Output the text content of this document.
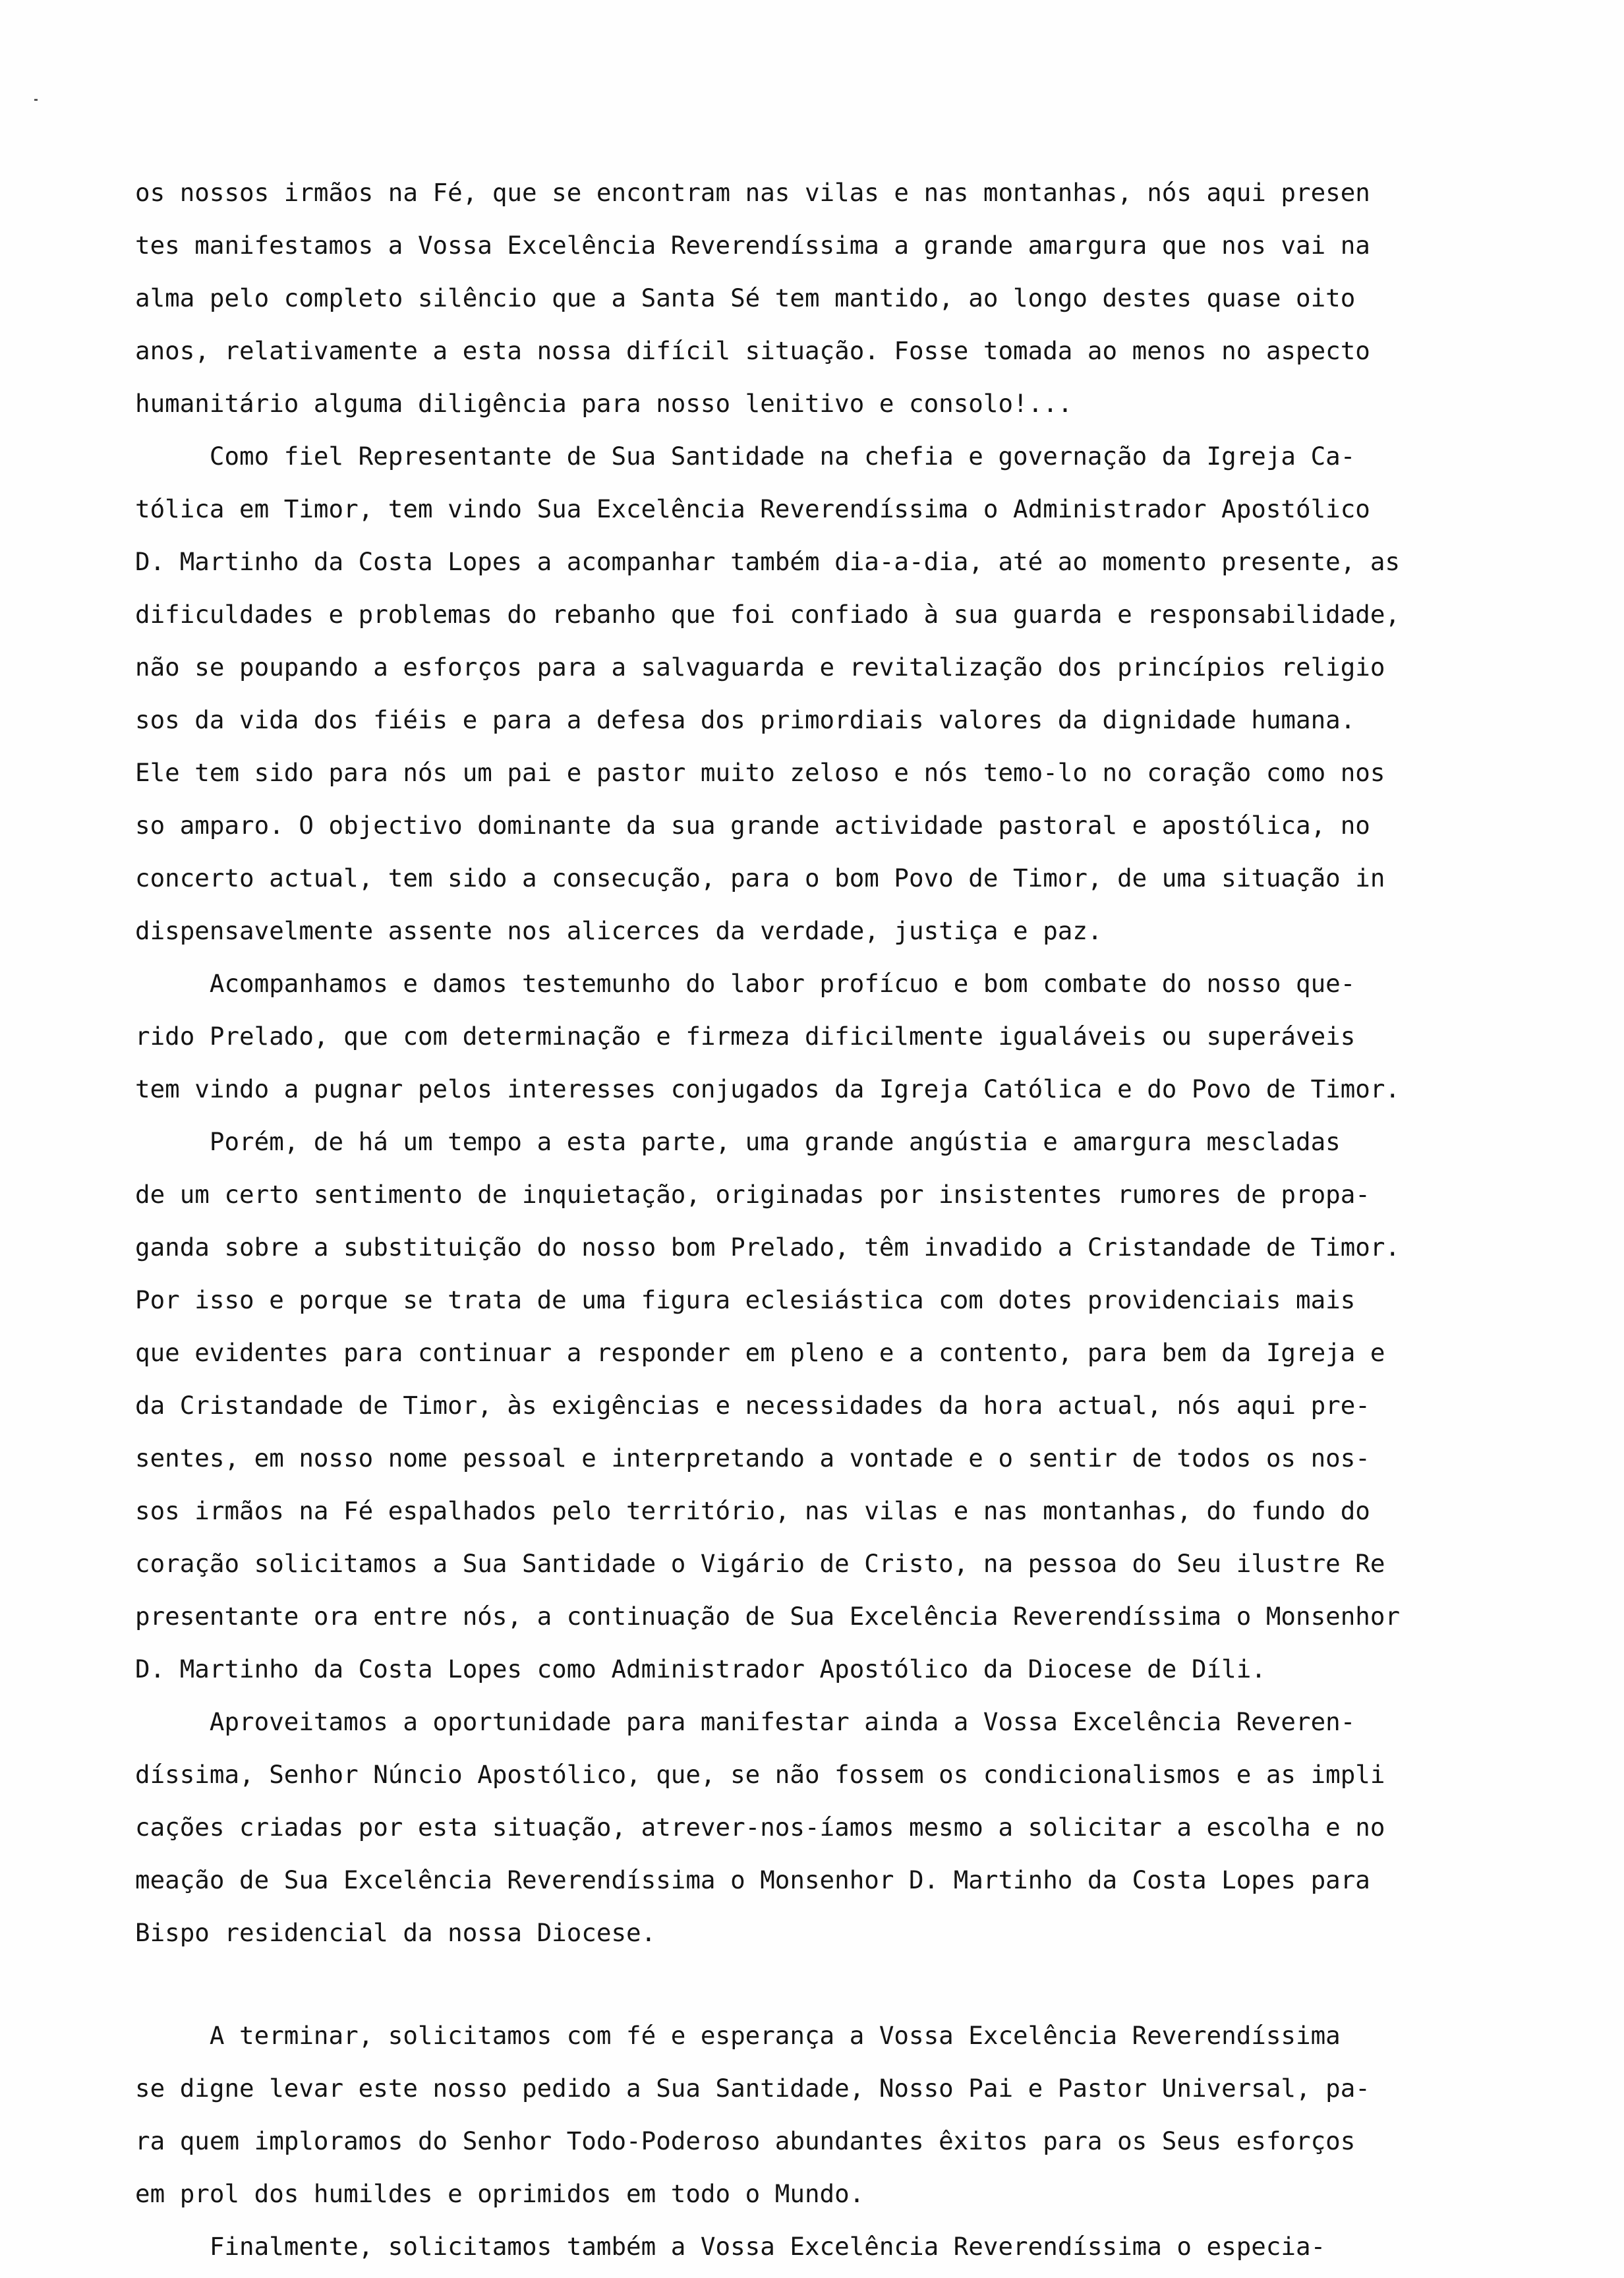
os nossos irmãos na Fé, que se encontram nas vilas e nas montanhas, nós aqui presen
tes manifestamos a Vossa Excelência Reverendíssima a grande amargura que nos vai na
alma pelo completo silêncio que a Santa Sé tem mantido, ao longo destes quase oito
anos, relativamente a esta nossa difícil situação. Fosse tomada ao menos no aspecto
humanitário alguma diligência para nosso lenitivo e consolo!...
Como fiel Representante de Sua Santidade na chefia e governação da Igreja Ca-
tólica em Timor, tem vindo Sua Excelência Reverendíssima o Administrador Apostólico
D. Martinho da Costa Lopes a acompanhar também dia-a-dia, até ao momento presente, as
dificuldades e problemas do rebanho que foi confiado à sua guarda e responsabilidade,
não se poupando a esforços para a salvaguarda e revitalização dos princípios religio
sos da vida dos fiéis e para a defesa dos primordiais valores da dignidade humana.
Ele tem sido para nós um pai e pastor muito zeloso e nós temo-lo no coração como nos
so amparo. O objectivo dominante da sua grande actividade pastoral e apostólica, no
concerto actual, tem sido a consecução, para o bom Povo de Timor, de uma situação in
dispensavelmente assente nos alicerces da verdade, justiça e paz.
Acompanhamos e damos testemunho do labor profícuo e bom combate do nosso que-
rido Prelado, que com determinação e firmeza dificilmente igualáveis ou superáveis
tem vindo a pugnar pelos interesses conjugados da Igreja Católica e do Povo de Timor.
Porém, de há um tempo a esta parte, uma grande angústia e amargura mescladas
de um certo sentimento de inquietação, originadas por insistentes rumores de propa-
ganda sobre a substituição do nosso bom Prelado, têm invadido a Cristandade de Timor.
Por isso e porque se trata de uma figura eclesiástica com dotes providenciais mais
que evidentes para continuar a responder em pleno e a contento, para bem da Igreja e
da Cristandade de Timor, às exigências e necessidades da hora actual, nós aqui pre-
sentes, em nosso nome pessoal e interpretando a vontade e o sentir de todos os nos-
sos irmãos na Fé espalhados pelo território, nas vilas e nas montanhas, do fundo do
coração solicitamos a Sua Santidade o Vigário de Cristo, na pessoa do Seu ilustre Re
presentante ora entre nós, a continuação de Sua Excelência Reverendíssima o Monsenhor
D. Martinho da Costa Lopes como Administrador Apostólico da Diocese de Díli.
Aproveitamos a oportunidade para manifestar ainda a Vossa Excelência Reveren-
díssima, Senhor Núncio Apostólico, que, se não fossem os condicionalismos e as impli
cações criadas por esta situação, atrever-nos-íamos mesmo a solicitar a escolha e no
meação de Sua Excelência Reverendíssima o Monsenhor D. Martinho da Costa Lopes para
Bispo residencial da nossa Diocese.
A terminar, solicitamos com fé e esperança a Vossa Excelência Reverendíssima
se digne levar este nosso pedido a Sua Santidade, Nosso Pai e Pastor Universal, pa-
ra quem imploramos do Senhor Todo-Poderoso abundantes êxitos para os Seus esforços
em prol dos humildes e oprimidos em todo o Mundo.
Finalmente, solicitamos também a Vossa Excelência Reverendíssima o especia-
